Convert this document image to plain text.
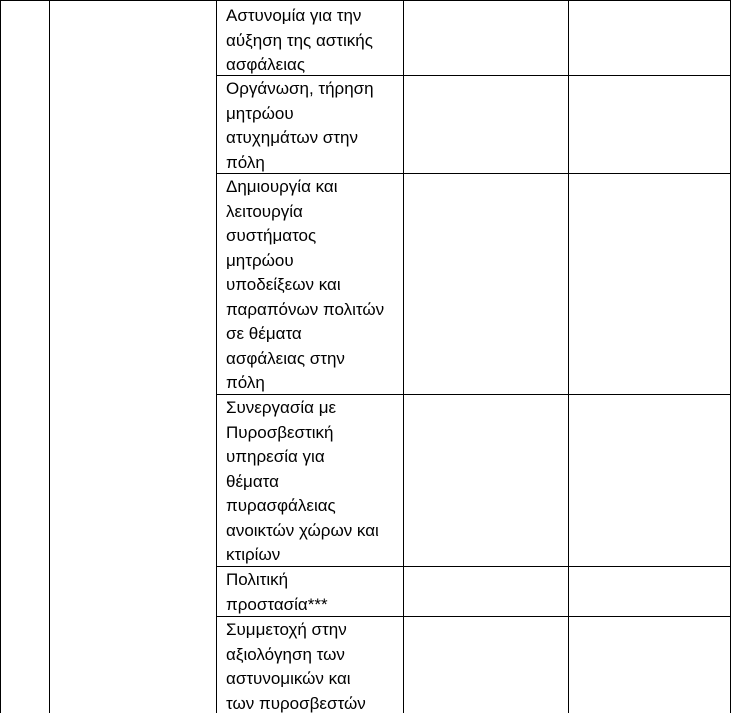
Αστυνομία για την
αύξηση της αστικής
ασφάλειας
Οργάνωση, τήρηση
μητρώου
ατυχημάτων στην
πόλη
Δημιουργία και
λειτουργία
συστήματος
μητρώου
υποδείξεων και
παραπόνων πολιτών
σε θέματα
ασφάλειας στην
πόλη
Συνεργασία με
Πυροσβεστική
υπηρεσία για
θέματα
πυρασφάλειας
ανοικτών χώρων και
κτιρίων
Πολιτική
προστασία***
Συμμετοχή στην
αξιολόγηση των
αστυνομικών και
των πυροσβεστών
